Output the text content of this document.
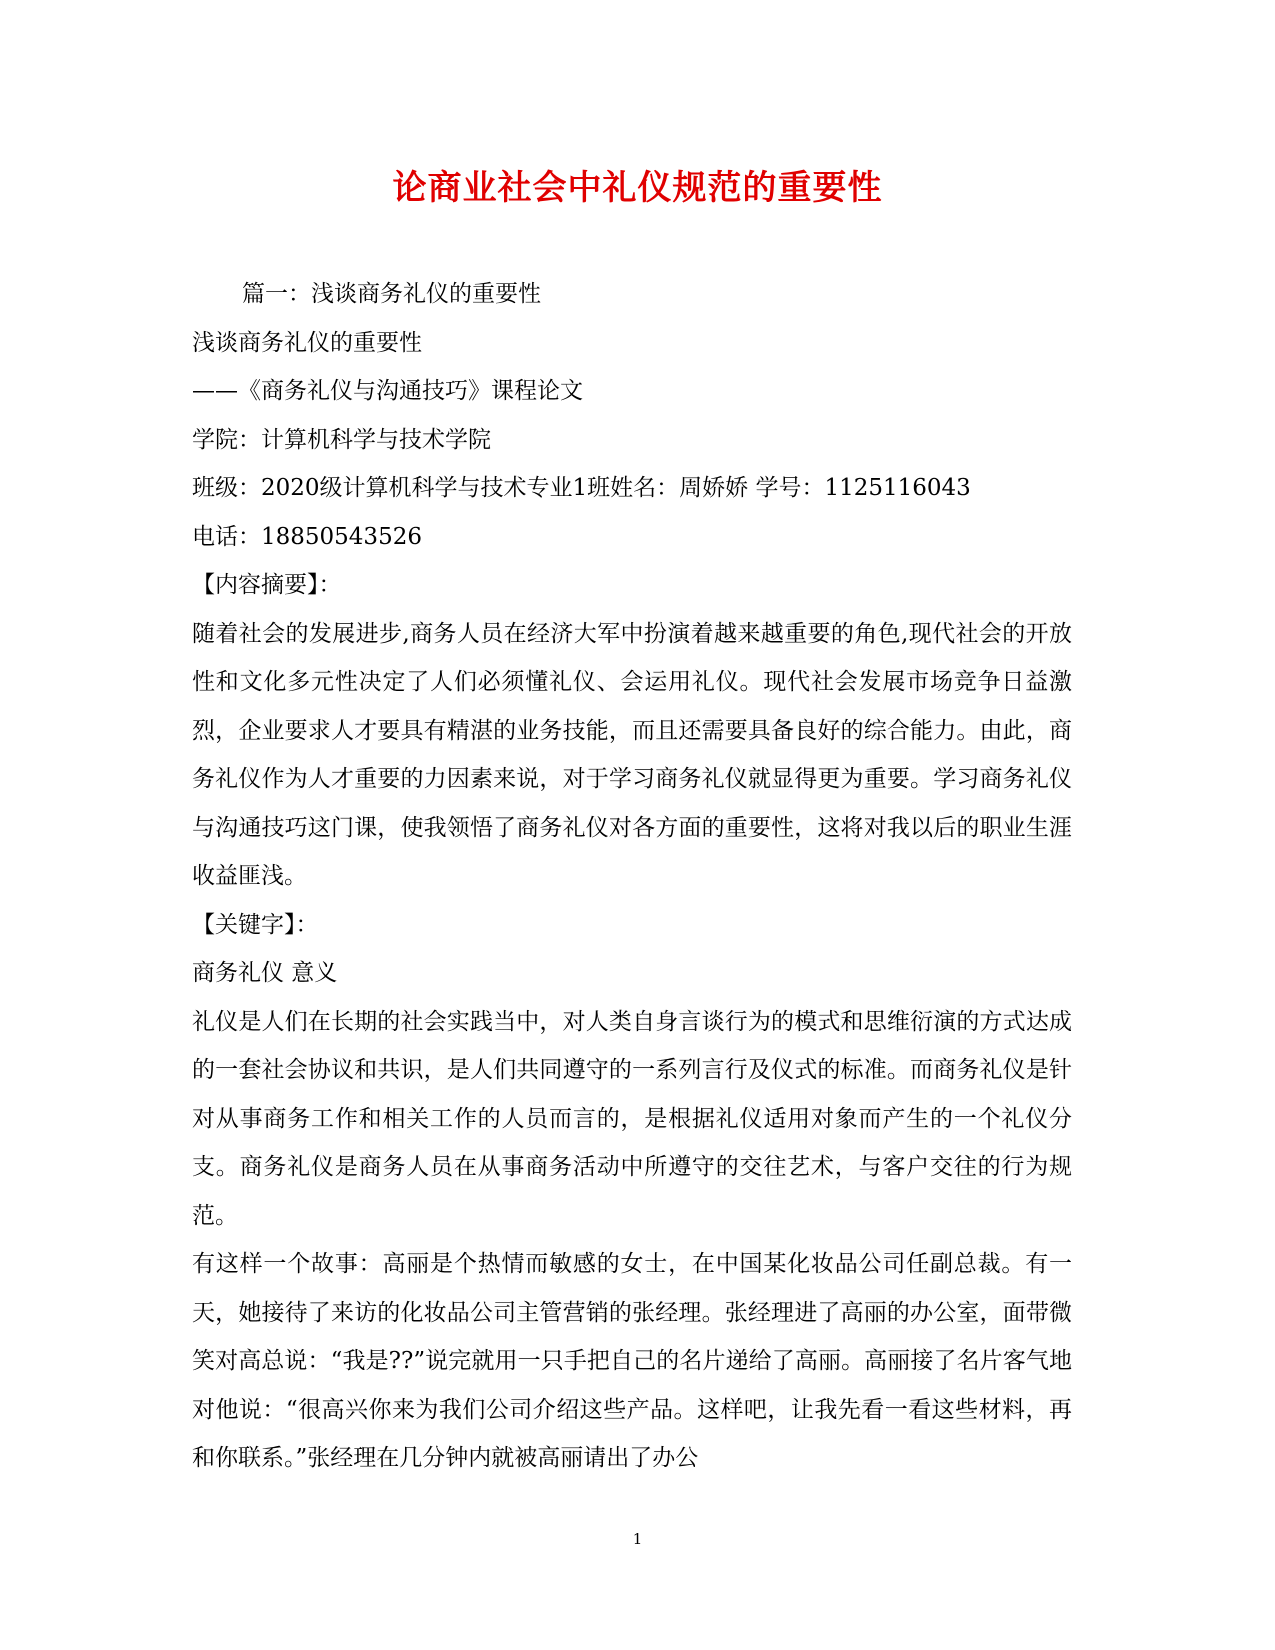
论商业社会中礼仪规范的重要性

篇一：浅谈商务礼仪的重要性

浅谈商务礼仪的重要性

——《商务礼仪与沟通技巧》课程论文

学院：计算机科学与技术学院

班级：2020级计算机科学与技术专业1班姓名：周娇娇 学号：1125116043

电话：18850543526

【内容摘要】：

随着社会的发展进步,商务人员在经济大军中扮演着越来越重要的角色,现代社会的开放性和文化多元性决定了人们必须懂礼仪、会运用礼仪。现代社会发展市场竞争日益激烈，企业要求人才要具有精湛的业务技能，而且还需要具备良好的综合能力。由此，商务礼仪作为人才重要的力因素来说，对于学习商务礼仪就显得更为重要。学习商务礼仪与沟通技巧这门课，使我领悟了商务礼仪对各方面的重要性，这将对我以后的职业生涯收益匪浅。

【关键字】：

商务礼仪 意义

礼仪是人们在长期的社会实践当中，对人类自身言谈行为的模式和思维衍演的方式达成的一套社会协议和共识，是人们共同遵守的一系列言行及仪式的标准。而商务礼仪是针对从事商务工作和相关工作的人员而言的，是根据礼仪适用对象而产生的一个礼仪分支。商务礼仪是商务人员在从事商务活动中所遵守的交往艺术，与客户交往的行为规范。

有这样一个故事：高丽是个热情而敏感的女士，在中国某化妆品公司任副总裁。有一天，她接待了来访的化妆品公司主管营销的张经理。张经理进了高丽的办公室，面带微笑对高总说：“我是??”说完就用一只手把自己的名片递给了高丽。高丽接了名片客气地对他说：“很高兴你来为我们公司介绍这些产品。这样吧，让我先看一看这些材料，再和你联系。”张经理在几分钟内就被高丽请出了办公

1
